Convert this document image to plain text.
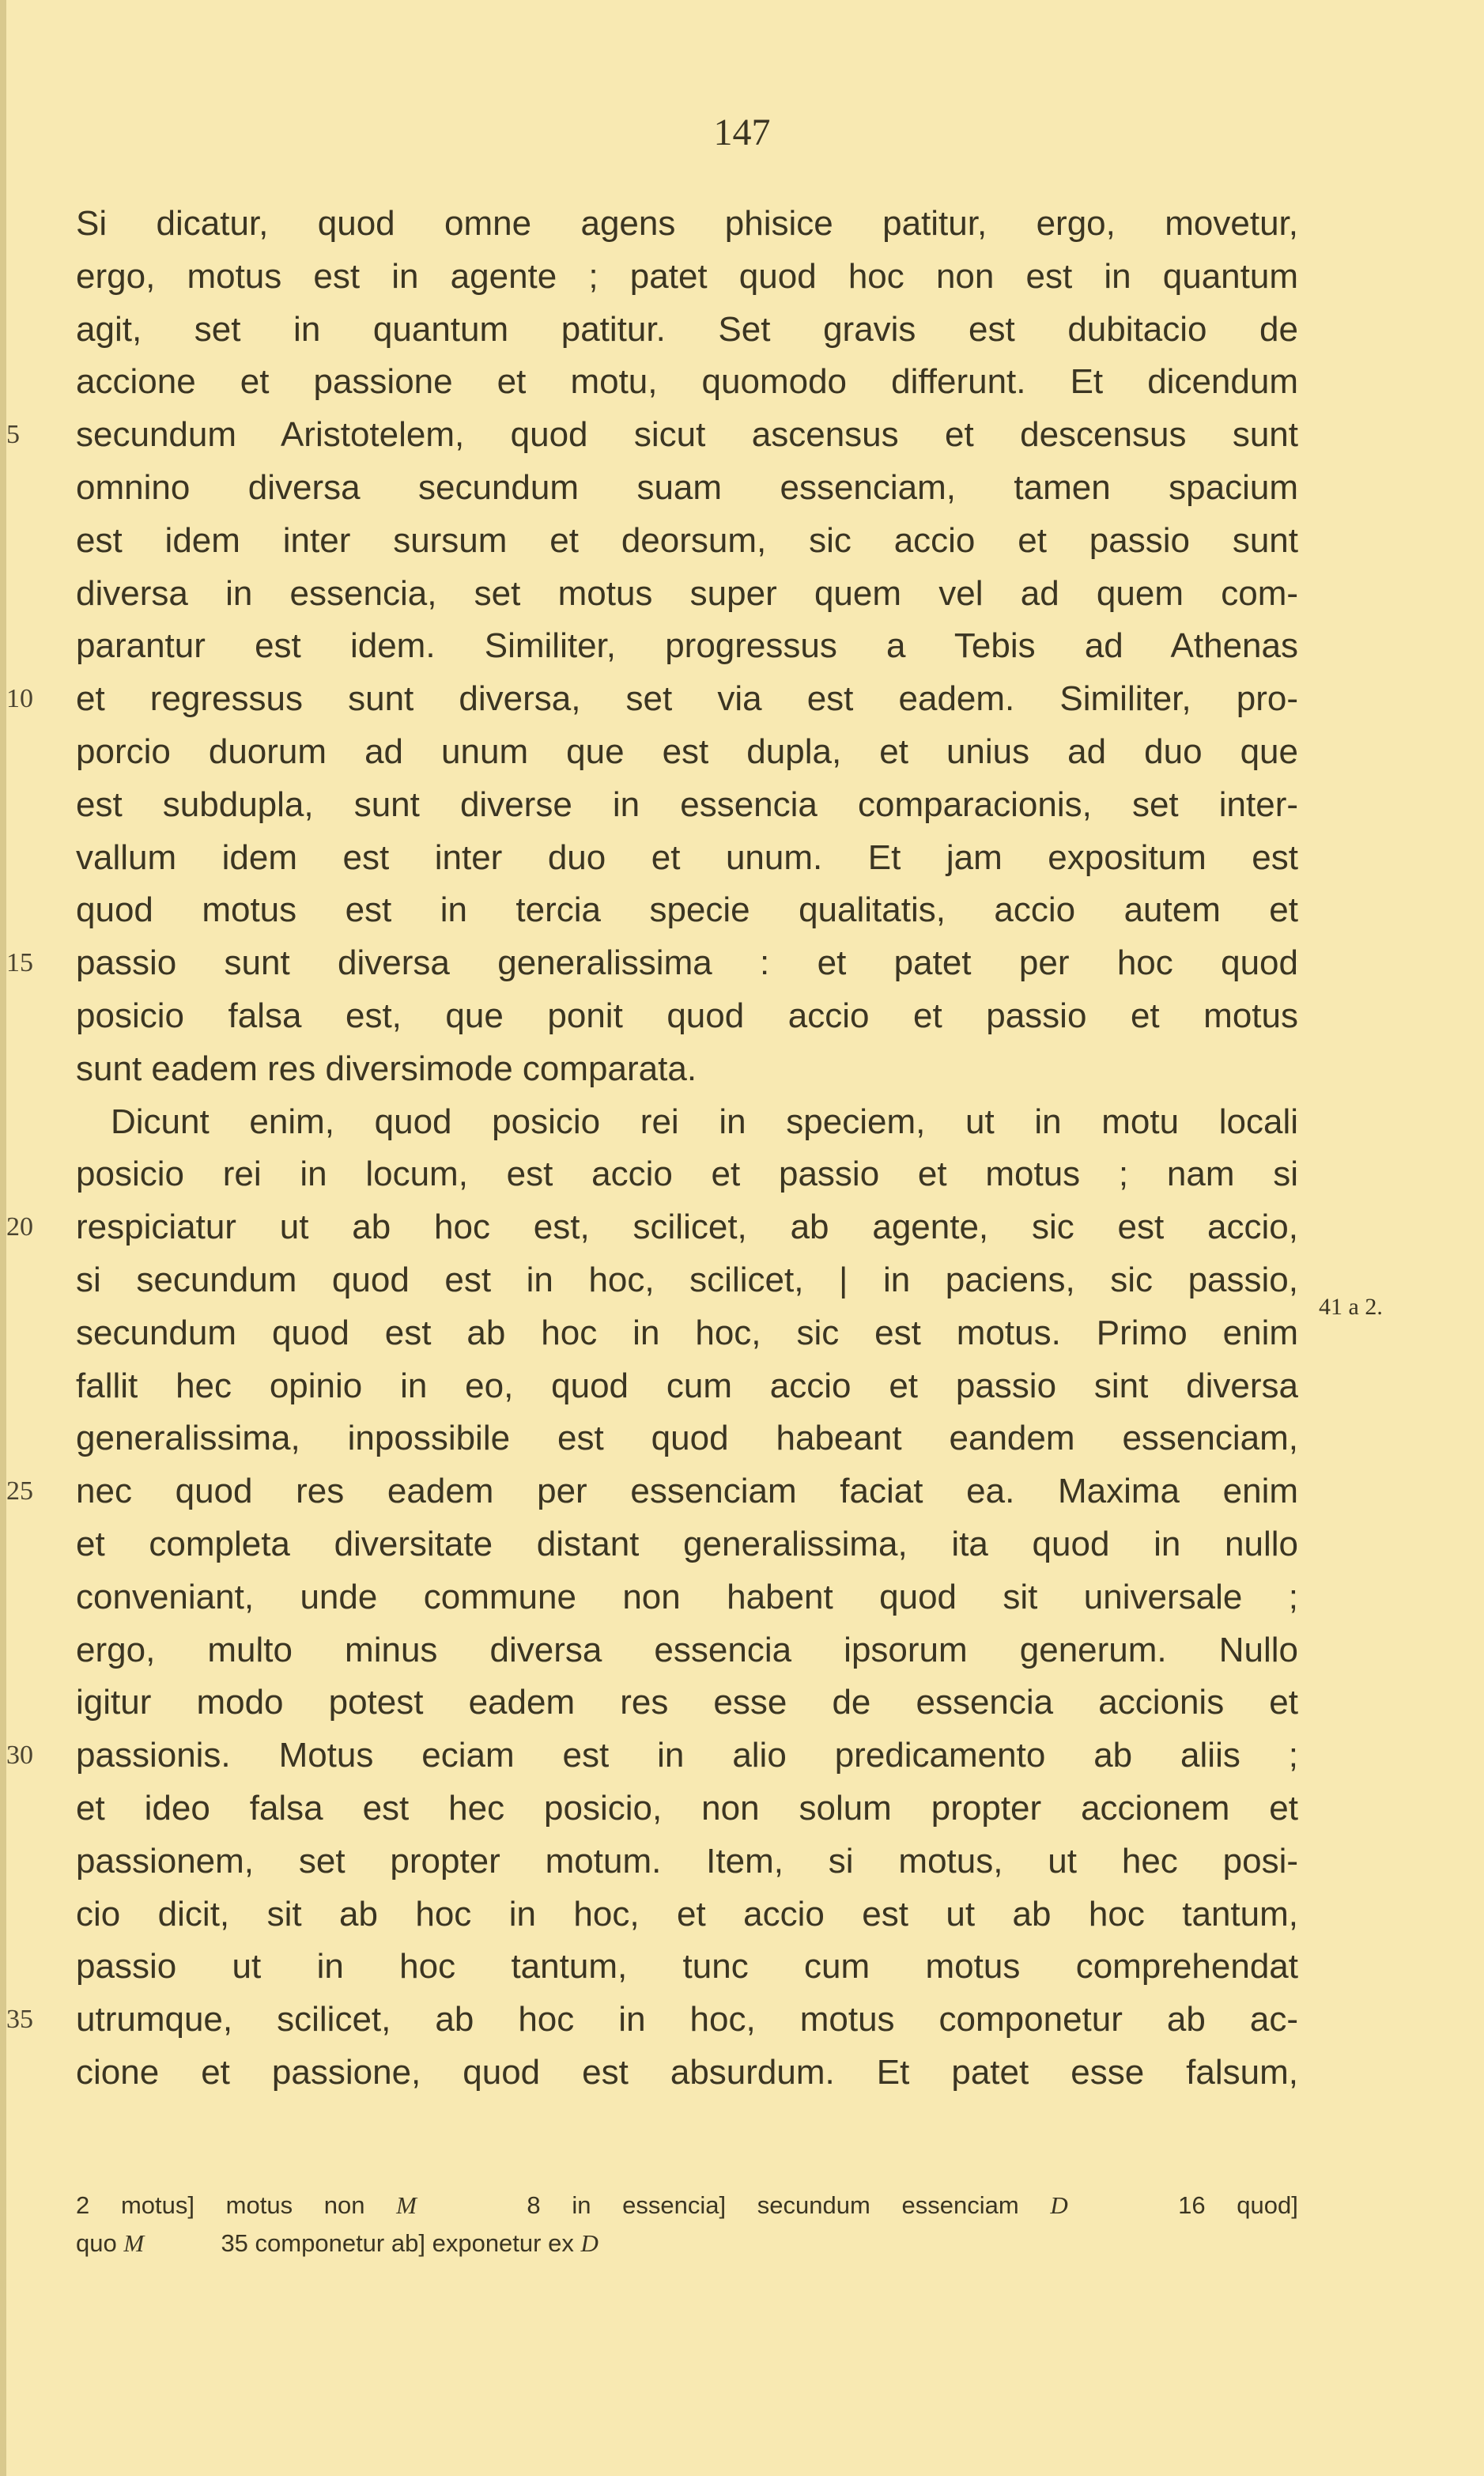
147
Si dicatur, quod omne agens phisice patitur, ergo, movetur,
ergo, motus est in agente ; patet quod hoc non est in quantum
agit, set in quantum patitur. Set gravis est dubitacio de
accione et passione et motu, quomodo differunt. Et dicendum
5	secundum Aristotelem, quod sicut ascensus et descensus sunt
omnino diversa secundum suam essenciam, tamen spacium
est idem inter sursum et deorsum, sic accio et passio sunt
diversa in essencia, set motus super quem vel ad quem com-
parantur est idem. Similiter, progressus a Tebis ad Athenas
10	et regressus sunt diversa, set via est eadem. Similiter, pro-
porcio duorum ad unum que est dupla, et unius ad duo que
est subdupla, sunt diverse in essencia comparacionis, set inter-
vallum idem est inter duo et unum. Et jam expositum est
quod motus est in tercia specie qualitatis, accio autem et
15	passio sunt diversa generalissima : et patet per hoc quod
posicio falsa est, que ponit quod accio et passio et motus
sunt eadem res diversimode comparata.
Dicunt enim, quod posicio rei in speciem, ut in motu locali
posicio rei in locum, est accio et passio et motus ; nam si
20	respiciatur ut ab hoc est, scilicet, ab agente, sic est accio,
si secundum quod est in hoc, scilicet, | in paciens, sic passio,
secundum quod est ab hoc in hoc, sic est motus. Primo enim
fallit hec opinio in eo, quod cum accio et passio sint diversa
generalissima, inpossibile est quod habeant eandem essenciam,
25	nec quod res eadem per essenciam faciat ea. Maxima enim
et completa diversitate distant generalissima, ita quod in nullo
conveniant, unde commune non habent quod sit universale ;
ergo, multo minus diversa essencia ipsorum generum. Nullo
igitur modo potest eadem res esse de essencia accionis et
30	passionis. Motus eciam est in alio predicamento ab aliis ;
et ideo falsa est hec posicio, non solum propter accionem et
passionem, set propter motum. Item, si motus, ut hec posi-
cio dicit, sit ab hoc in hoc, et accio est ut ab hoc tantum,
passio ut in hoc tantum, tunc cum motus comprehendat
35	utrumque, scilicet, ab hoc in hoc, motus componetur ab ac-
cione et passione, quod est absurdum. Et patet esse falsum,
41 a 2.
2 motus] motus non M	8 in essencia] secundum essenciam D	16 quod]
quo M	35 componetur ab] exponetur ex D
